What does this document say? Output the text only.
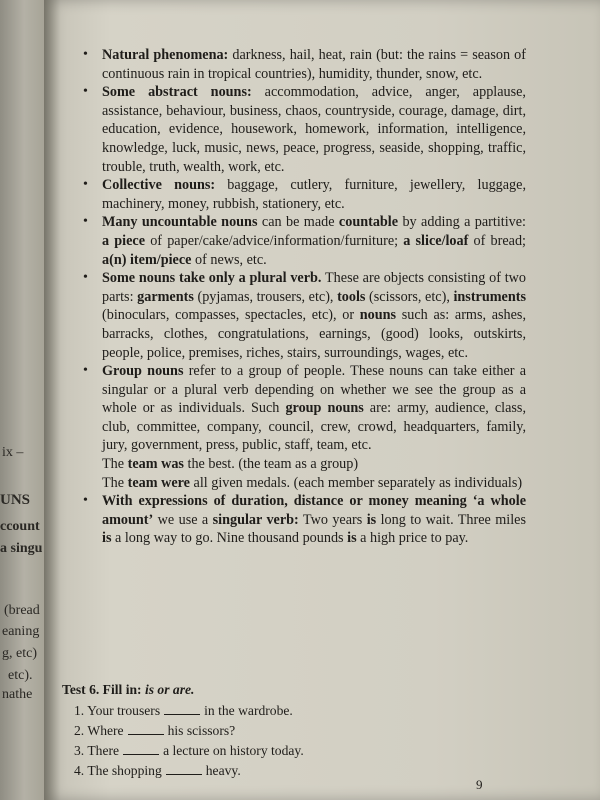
ix –
UNS
ccount
a singu
(bread
eaning
g, etc)
etc).
nathe

• Natural phenomena: darkness, hail, heat, rain (but: the rains = season of continuous rain in tropical countries), humidity, thunder, snow, etc.

• Some abstract nouns: accommodation, advice, anger, applause, assistance, behaviour, business, chaos, countryside, courage, damage, dirt, education, evidence, housework, homework, information, intelligence, knowledge, luck, music, news, peace, progress, seaside, shopping, traffic, trouble, truth, wealth, work, etc.

• Collective nouns: baggage, cutlery, furniture, jewellery, luggage, machinery, money, rubbish, stationery, etc.

• Many uncountable nouns can be made countable by adding a partitive: a piece of paper/cake/advice/information/furniture; a slice/loaf of bread; a(n) item/piece of news, etc.

• Some nouns take only a plural verb. These are objects consisting of two parts: garments (pyjamas, trousers, etc), tools (scissors, etc), instruments (binoculars, compasses, spectacles, etc), or nouns such as: arms, ashes, barracks, clothes, congratulations, earnings, (good) looks, outskirts, people, police, premises, riches, stairs, surroundings, wages, etc.

• Group nouns refer to a group of people. These nouns can take either a singular or a plural verb depending on whether we see the group as a whole or as individuals. Such group nouns are: army, audience, class, club, committee, company, council, crew, crowd, headquarters, family, jury, government, press, public, staff, team, etc.

The team was the best. (the team as a group)

The team were all given medals. (each member separately as individuals)

• With expressions of duration, distance or money meaning ‘a whole amount’ we use a singular verb: Two years is long to wait. Three miles is a long way to go. Nine thousand pounds is a high price to pay.

Test 6. Fill in: is or are.
1. Your trousers	in the wardrobe.
2. Where	his scissors?
3. There	a lecture on history today.
4. The shopping	heavy.
9
